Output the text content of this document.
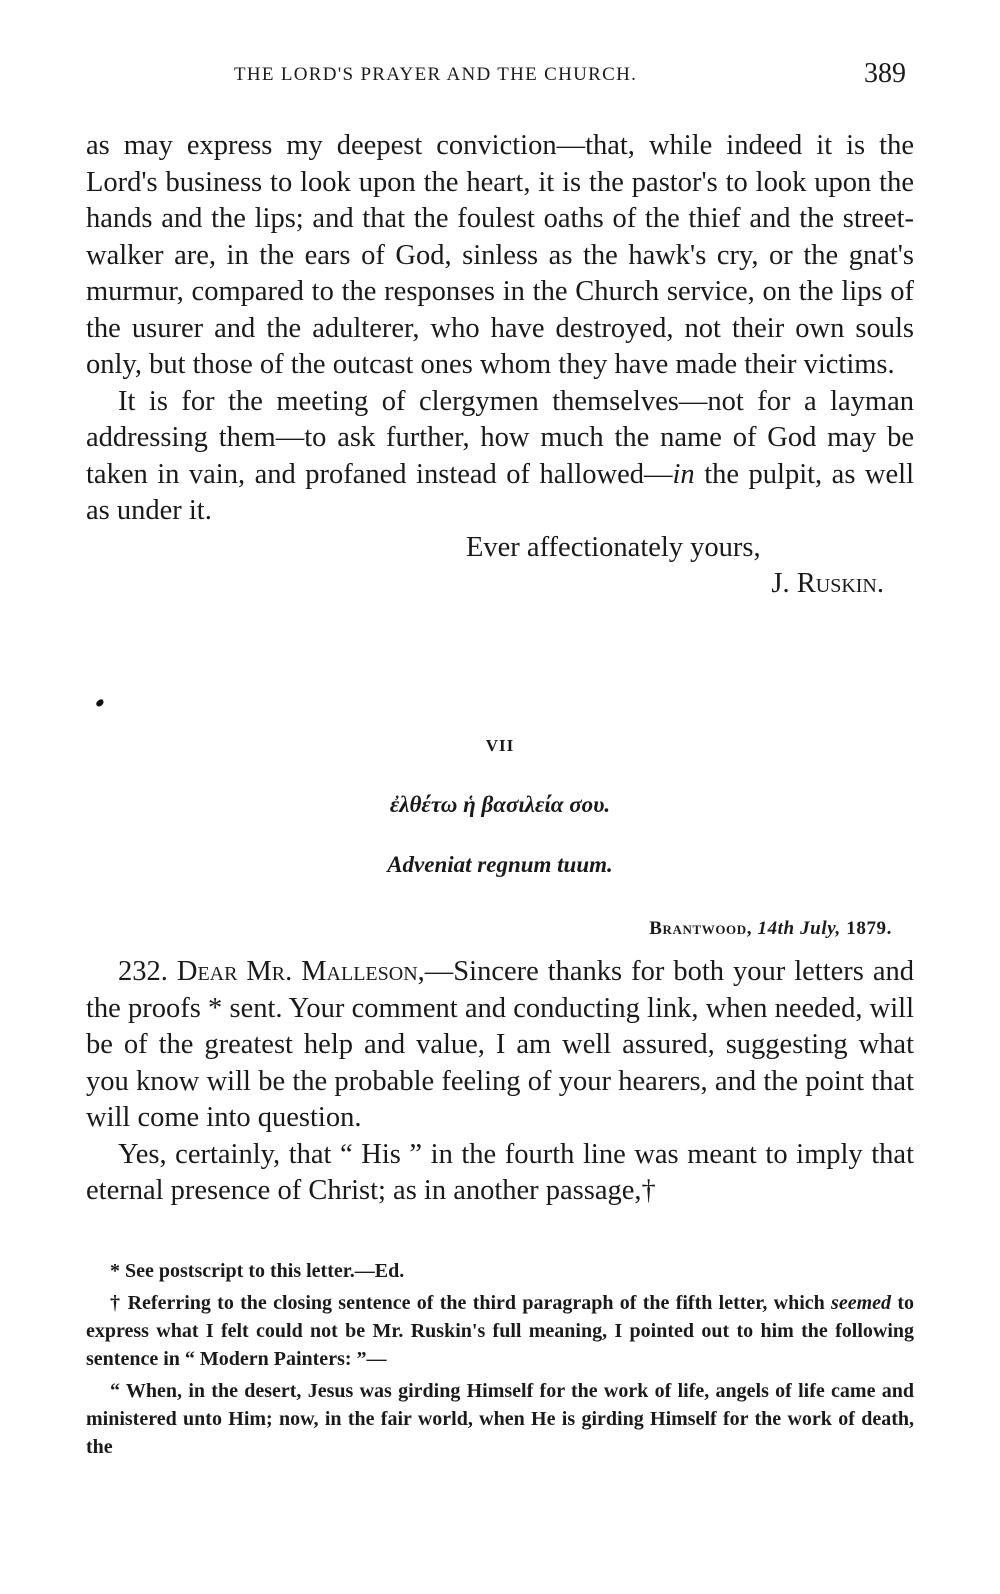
THE LORD'S PRAYER AND THE CHURCH.	389

as may express my deepest conviction—that, while indeed it is the Lord's business to look upon the heart, it is the pastor's to look upon the hands and the lips; and that the foulest oaths of the thief and the street-walker are, in the ears of God, sinless as the hawk's cry, or the gnat's murmur, compared to the responses in the Church service, on the lips of the usurer and the adulterer, who have destroyed, not their own souls only, but those of the outcast ones whom they have made their victims.

It is for the meeting of clergymen themselves—not for a layman addressing them—to ask further, how much the name of God may be taken in vain, and profaned instead of hallowed—in the pulpit, as well as under it.

Ever affectionately yours,

J. Ruskin.

VII
ἐλθέτω ἡ βασιλεία σου.
Adveniat regnum tuum.
Brantwood, 14th July, 1879.

232. Dear Mr. Malleson,—Sincere thanks for both your letters and the proofs * sent. Your comment and conducting link, when needed, will be of the greatest help and value, I am well assured, suggesting what you know will be the probable feeling of your hearers, and the point that will come into question.

Yes, certainly, that “ His ” in the fourth line was meant to imply that eternal presence of Christ; as in another passage,†

* See postscript to this letter.—Ed.

† Referring to the closing sentence of the third paragraph of the fifth letter, which seemed to express what I felt could not be Mr. Ruskin's full meaning, I pointed out to him the following sentence in “ Modern Painters: ”—

“ When, in the desert, Jesus was girding Himself for the work of life, angels of life came and ministered unto Him; now, in the fair world, when He is girding Himself for the work of death, the
